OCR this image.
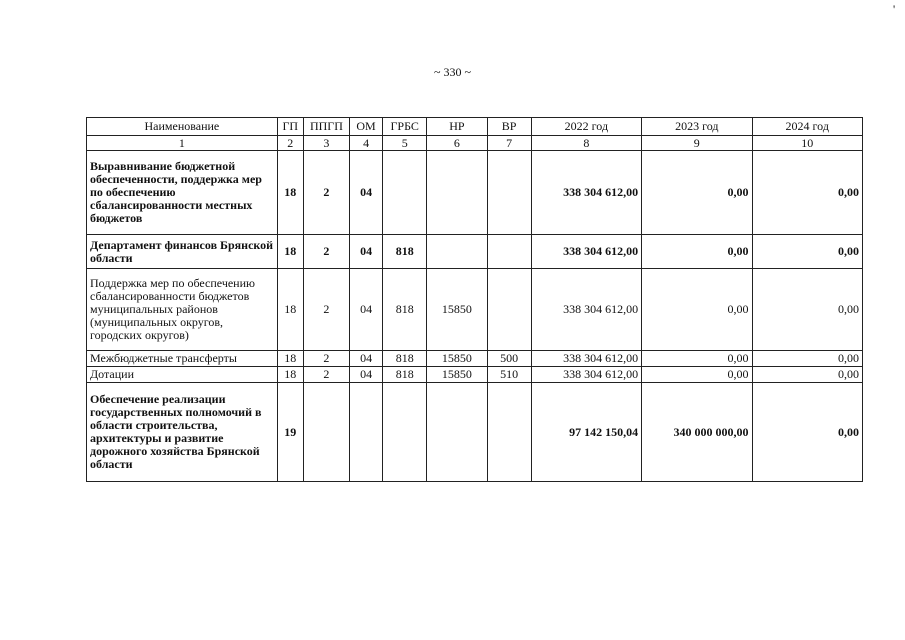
'
~ 330 ~
Наименование	ГП	ППГП	ОМ	ГРБС	НР	ВР	2022 год	2023 год	2024 год
1	2	3	4	5	6	7	8	9	10
Выравнивание бюджетной обеспеченности, поддержка мер по обеспечению сбалансированности местных бюджетов	18	2	04				338 304 612,00	0,00	0,00
Департамент финансов Брянской области	18	2	04	818			338 304 612,00	0,00	0,00
Поддержка мер по обеспечению сбалансированности бюджетов муниципальных районов (муниципальных округов, городских округов)	18	2	04	818	15850		338 304 612,00	0,00	0,00
Межбюджетные трансферты	18	2	04	818	15850	500	338 304 612,00	0,00	0,00
Дотации	18	2	04	818	15850	510	338 304 612,00	0,00	0,00
Обеспечение реализации государственных полномочий в области строительства, архитектуры и развитие дорожного хозяйства Брянской области	19						97 142 150,04	340 000 000,00	0,00
